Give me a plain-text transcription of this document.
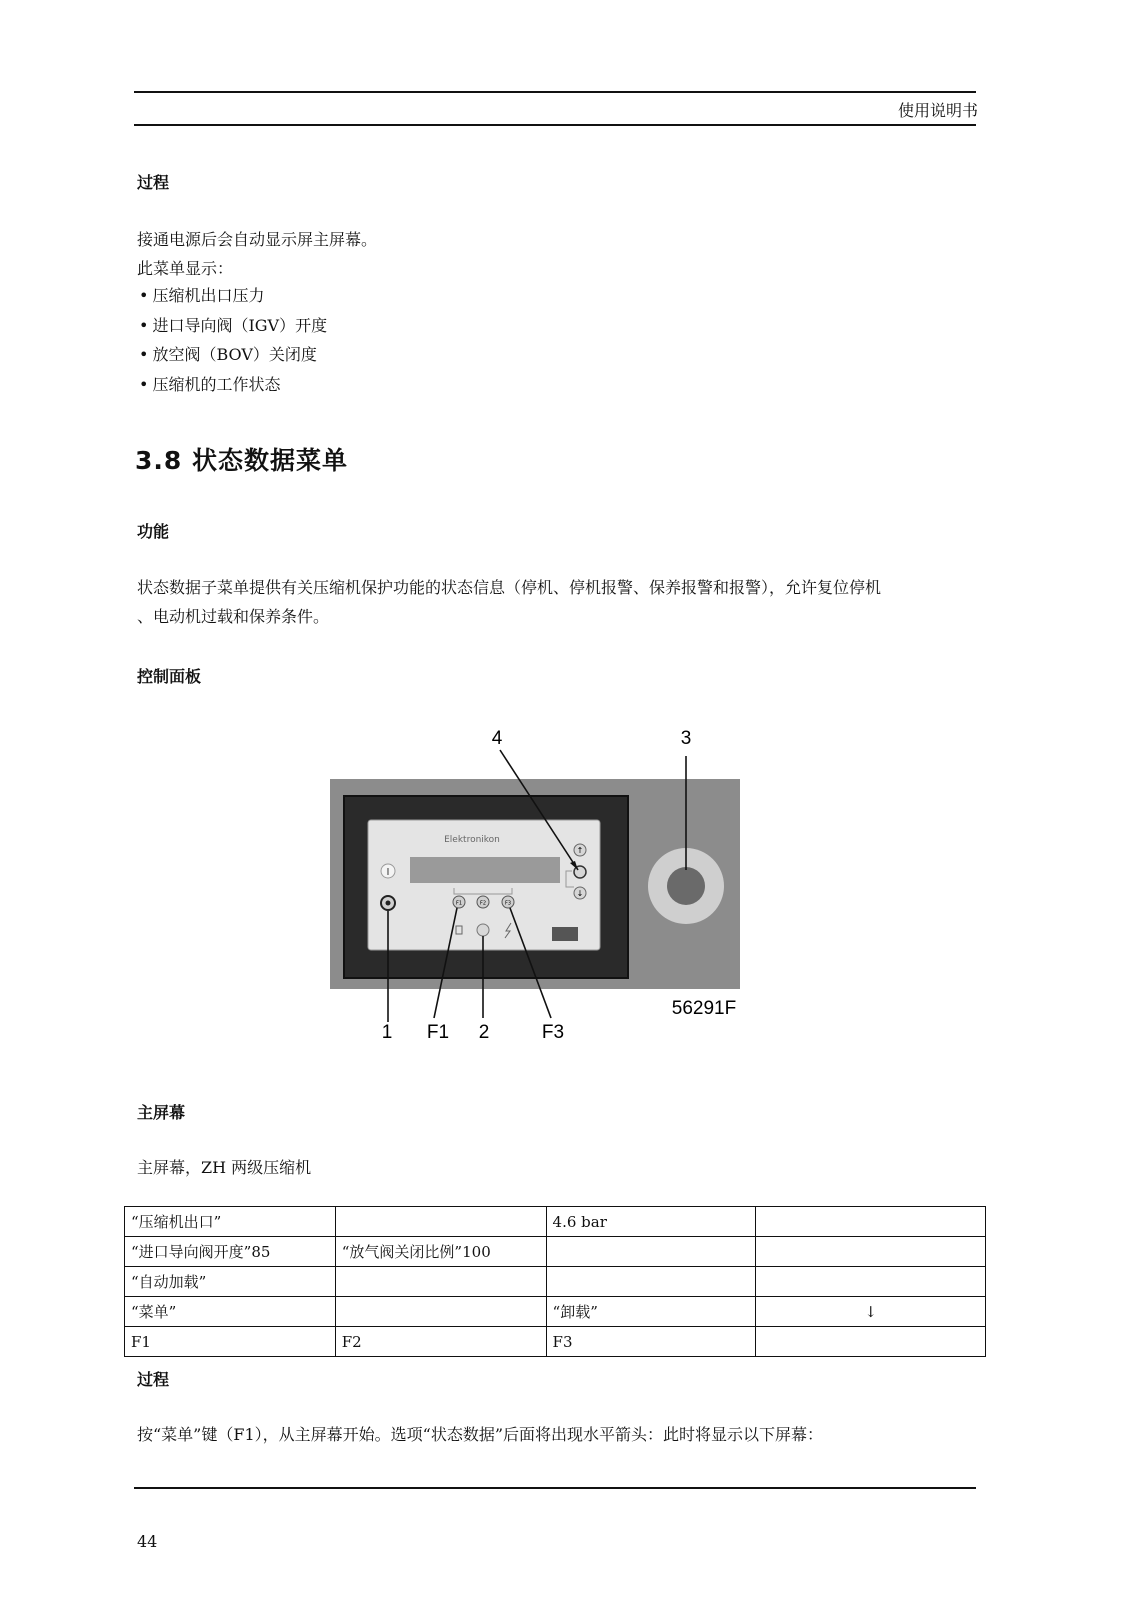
使用说明书
过程
接通电源后会自动显示屏主屏幕。
此菜单显示：
• 压缩机出口压力
• 进口导向阀（IGV）开度
• 放空阀（BOV）关闭度
• 压缩机的工作状态
3.8 状态数据菜单
功能
状态数据子菜单提供有关压缩机保护功能的状态信息（停机、停机报警、保养报警和报警），允许复位停机
、电动机过载和保养条件。
控制面板
Elektronikon
I
F1	F2	F3
↑
↓
4	3
1 F1 2	F3
56291F
主屏幕
主屏幕，ZH 两级压缩机
“压缩机出口”		4.6 bar	
“进口导向阀开度”85	“放气阀关闭比例”100		
“自动加载”			
“菜单”		“卸载”	↓
F1	F2	F3	
过程
按“菜单”键（F1），从主屏幕开始。选项“状态数据”后面将出现水平箭头：此时将显示以下屏幕：
44
